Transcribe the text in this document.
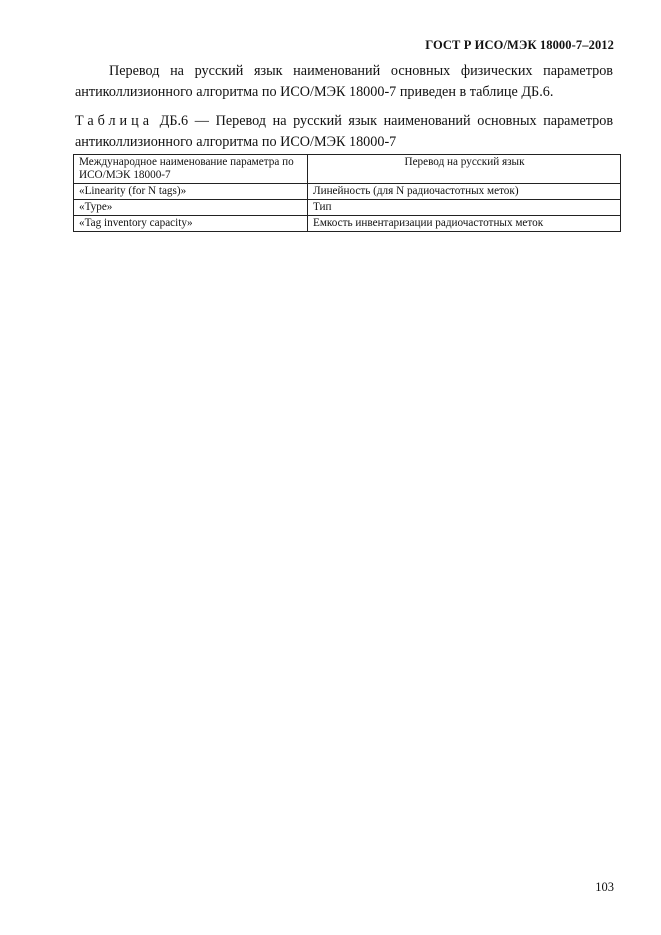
ГОСТ Р ИСО/МЭК 18000-7–2012

Перевод на русский язык наименований основных физических параметров антиколлизионного алгоритма по ИСО/МЭК 18000-7 приведен в таблице ДБ.6.

Таблица ДБ.6 — Перевод на русский язык наименований основных параметров антиколлизионного алгоритма по ИСО/МЭК 18000-7

Международное наименование параметра по ИСО/МЭК 18000-7	Перевод на русский язык
«Linearity (for N tags)»	Линейность (для N радиочастотных меток)
«Type»	Тип
«Tag inventory capacity»	Емкость инвентаризации радиочастотных меток
103
